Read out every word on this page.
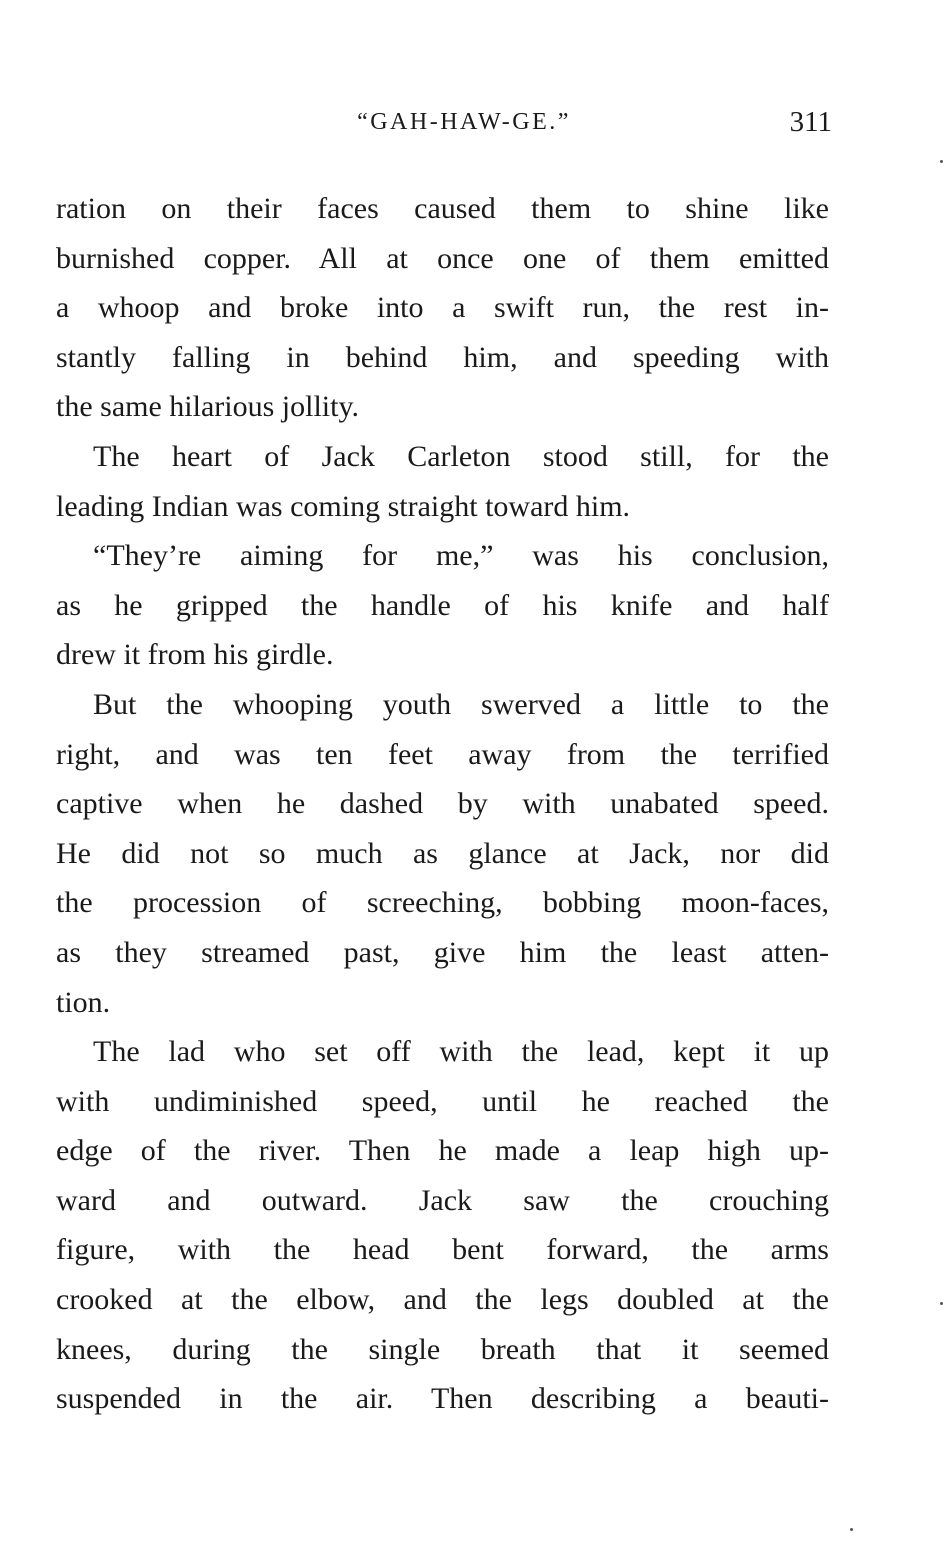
“GAH-HAW-GE.”	311
ration on their faces caused them to shine like
burnished copper. All at once one of them emitted
a whoop and broke into a swift run, the rest in-
stantly falling in behind him, and speeding with
the same hilarious jollity.
The heart of Jack Carleton stood still, for the
leading Indian was coming straight toward him.
“They’re aiming for me,” was his conclusion,
as he gripped the handle of his knife and half
drew it from his girdle.
But the whooping youth swerved a little to the
right, and was ten feet away from the terrified
captive when he dashed by with unabated speed.
He did not so much as glance at Jack, nor did
the procession of screeching, bobbing moon-faces,
as they streamed past, give him the least atten-
tion.
The lad who set off with the lead, kept it up
with undiminished speed, until he reached the
edge of the river. Then he made a leap high up-
ward and outward. Jack saw the crouching
figure, with the head bent forward, the arms
crooked at the elbow, and the legs doubled at the
knees, during the single breath that it seemed
suspended in the air. Then describing a beauti-
